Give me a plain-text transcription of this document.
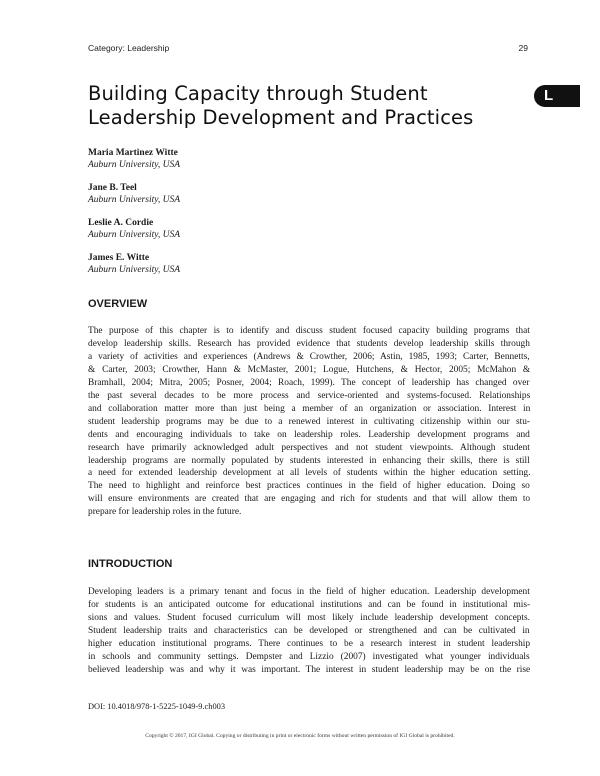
Category: Leadership	29
L
Building Capacity through Student
Leadership Development and Practices
Maria Martinez Witte
Auburn University, USA
Jane B. Teel
Auburn University, USA
Leslie A. Cordie
Auburn University, USA
James E. Witte
Auburn University, USA
OVERVIEW
The purpose of this chapter is to identify and discuss student focused capacity building programs that
develop leadership skills. Research has provided evidence that students develop leadership skills through
a variety of activities and experiences (Andrews & Crowther, 2006; Astin, 1985, 1993; Carter, Bennetts,
& Carter, 2003; Crowther, Hann & McMaster, 2001; Logue, Hutchens, & Hector, 2005; McMahon &
Bramhall, 2004; Mitra, 2005; Posner, 2004; Roach, 1999). The concept of leadership has changed over
the past several decades to be more process and service-oriented and systems-focused. Relationships
and collaboration matter more than just being a member of an organization or association. Interest in
student leadership programs may be due to a renewed interest in cultivating citizenship within our stu-
dents and encouraging individuals to take on leadership roles. Leadership development programs and
research have primarily acknowledged adult perspectives and not student viewpoints. Although student
leadership programs are normally populated by students interested in enhancing their skills, there is still
a need for extended leadership development at all levels of students within the higher education setting.
The need to highlight and reinforce best practices continues in the field of higher education. Doing so
will ensure environments are created that are engaging and rich for students and that will allow them to
prepare for leadership roles in the future.
INTRODUCTION
Developing leaders is a primary tenant and focus in the field of higher education. Leadership development
for students is an anticipated outcome for educational institutions and can be found in institutional mis-
sions and values. Student focused curriculum will most likely include leadership development concepts.
Student leadership traits and characteristics can be developed or strengthened and can be cultivated in
higher education institutional programs. There continues to be a research interest in student leadership
in schools and community settings. Dempster and Lizzio (2007) investigated what younger individuals
believed leadership was and why it was important. The interest in student leadership may be on the rise
DOI: 10.4018/978-1-5225-1049-9.ch003
Copyright © 2017, IGI Global. Copying or distributing in print or electronic forms without written permission of IGI Global is prohibited.
